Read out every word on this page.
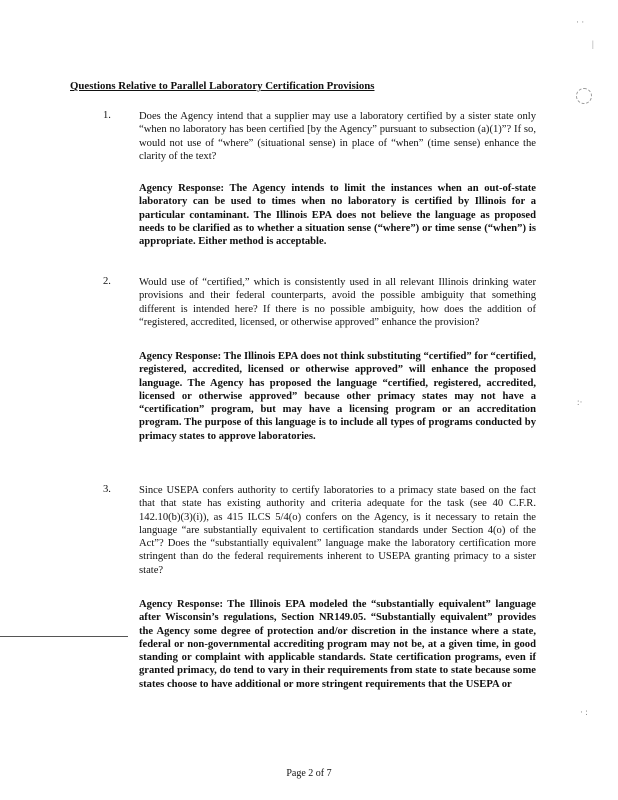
Questions Relative to Parallel Laboratory Certification Provisions
1.	Does the Agency intend that a supplier may use a laboratory certified by a sister state only “when no laboratory has been certified [by the Agency” pursuant to subsection (a)(1)”? If so, would not use of “where” (situational sense) in place of “when” (time sense) enhance the clarity of the text?
Agency Response: The Agency intends to limit the instances when an out-of-state laboratory can be used to times when no laboratory is certified by Illinois for a particular contaminant. The Illinois EPA does not believe the language as proposed needs to be clarified as to whether a situation sense (“where”) or time sense (“when”) is appropriate. Either method is acceptable.
2.	Would use of “certified,” which is consistently used in all relevant Illinois drinking water provisions and their federal counterparts, avoid the possible ambiguity that something different is intended here? If there is no possible ambiguity, how does the addition of “registered, accredited, licensed, or otherwise approved” enhance the provision?
Agency Response: The Illinois EPA does not think substituting “certified” for “certified, registered, accredited, licensed or otherwise approved” will enhance the proposed language. The Agency has proposed the language “certified, registered, accredited, licensed or otherwise approved” because other primacy states may not have a “certification” program, but may have a licensing program or an accreditation program. The purpose of this language is to include all types of programs conducted by primacy states to approve laboratories.
3.	Since USEPA confers authority to certify laboratories to a primacy state based on the fact that that state has existing authority and criteria adequate for the task (see 40 C.F.R. 142.10(b)(3)(i)), as 415 ILCS 5/4(o) confers on the Agency, is it necessary to retain the language “are substantially equivalent to certification standards under Section 4(o) of the Act”? Does the “substantially equivalent” language make the laboratory certification more stringent than do the federal requirements inherent to USEPA granting primacy to a sister state?
Agency Response: The Illinois EPA modeled the “substantially equivalent” language after Wisconsin’s regulations, Section NR149.05. “Substantially equivalent” provides the Agency some degree of protection and/or discretion in the instance where a state, federal or non-governmental accrediting program may not be, at a given time, in good standing or complaint with applicable standards. State certification programs, even if granted primacy, do tend to vary in their requirements from state to state because some states choose to have additional or more stringent requirements that the USEPA or
· ·
|
:·
· :
Page 2 of 7
